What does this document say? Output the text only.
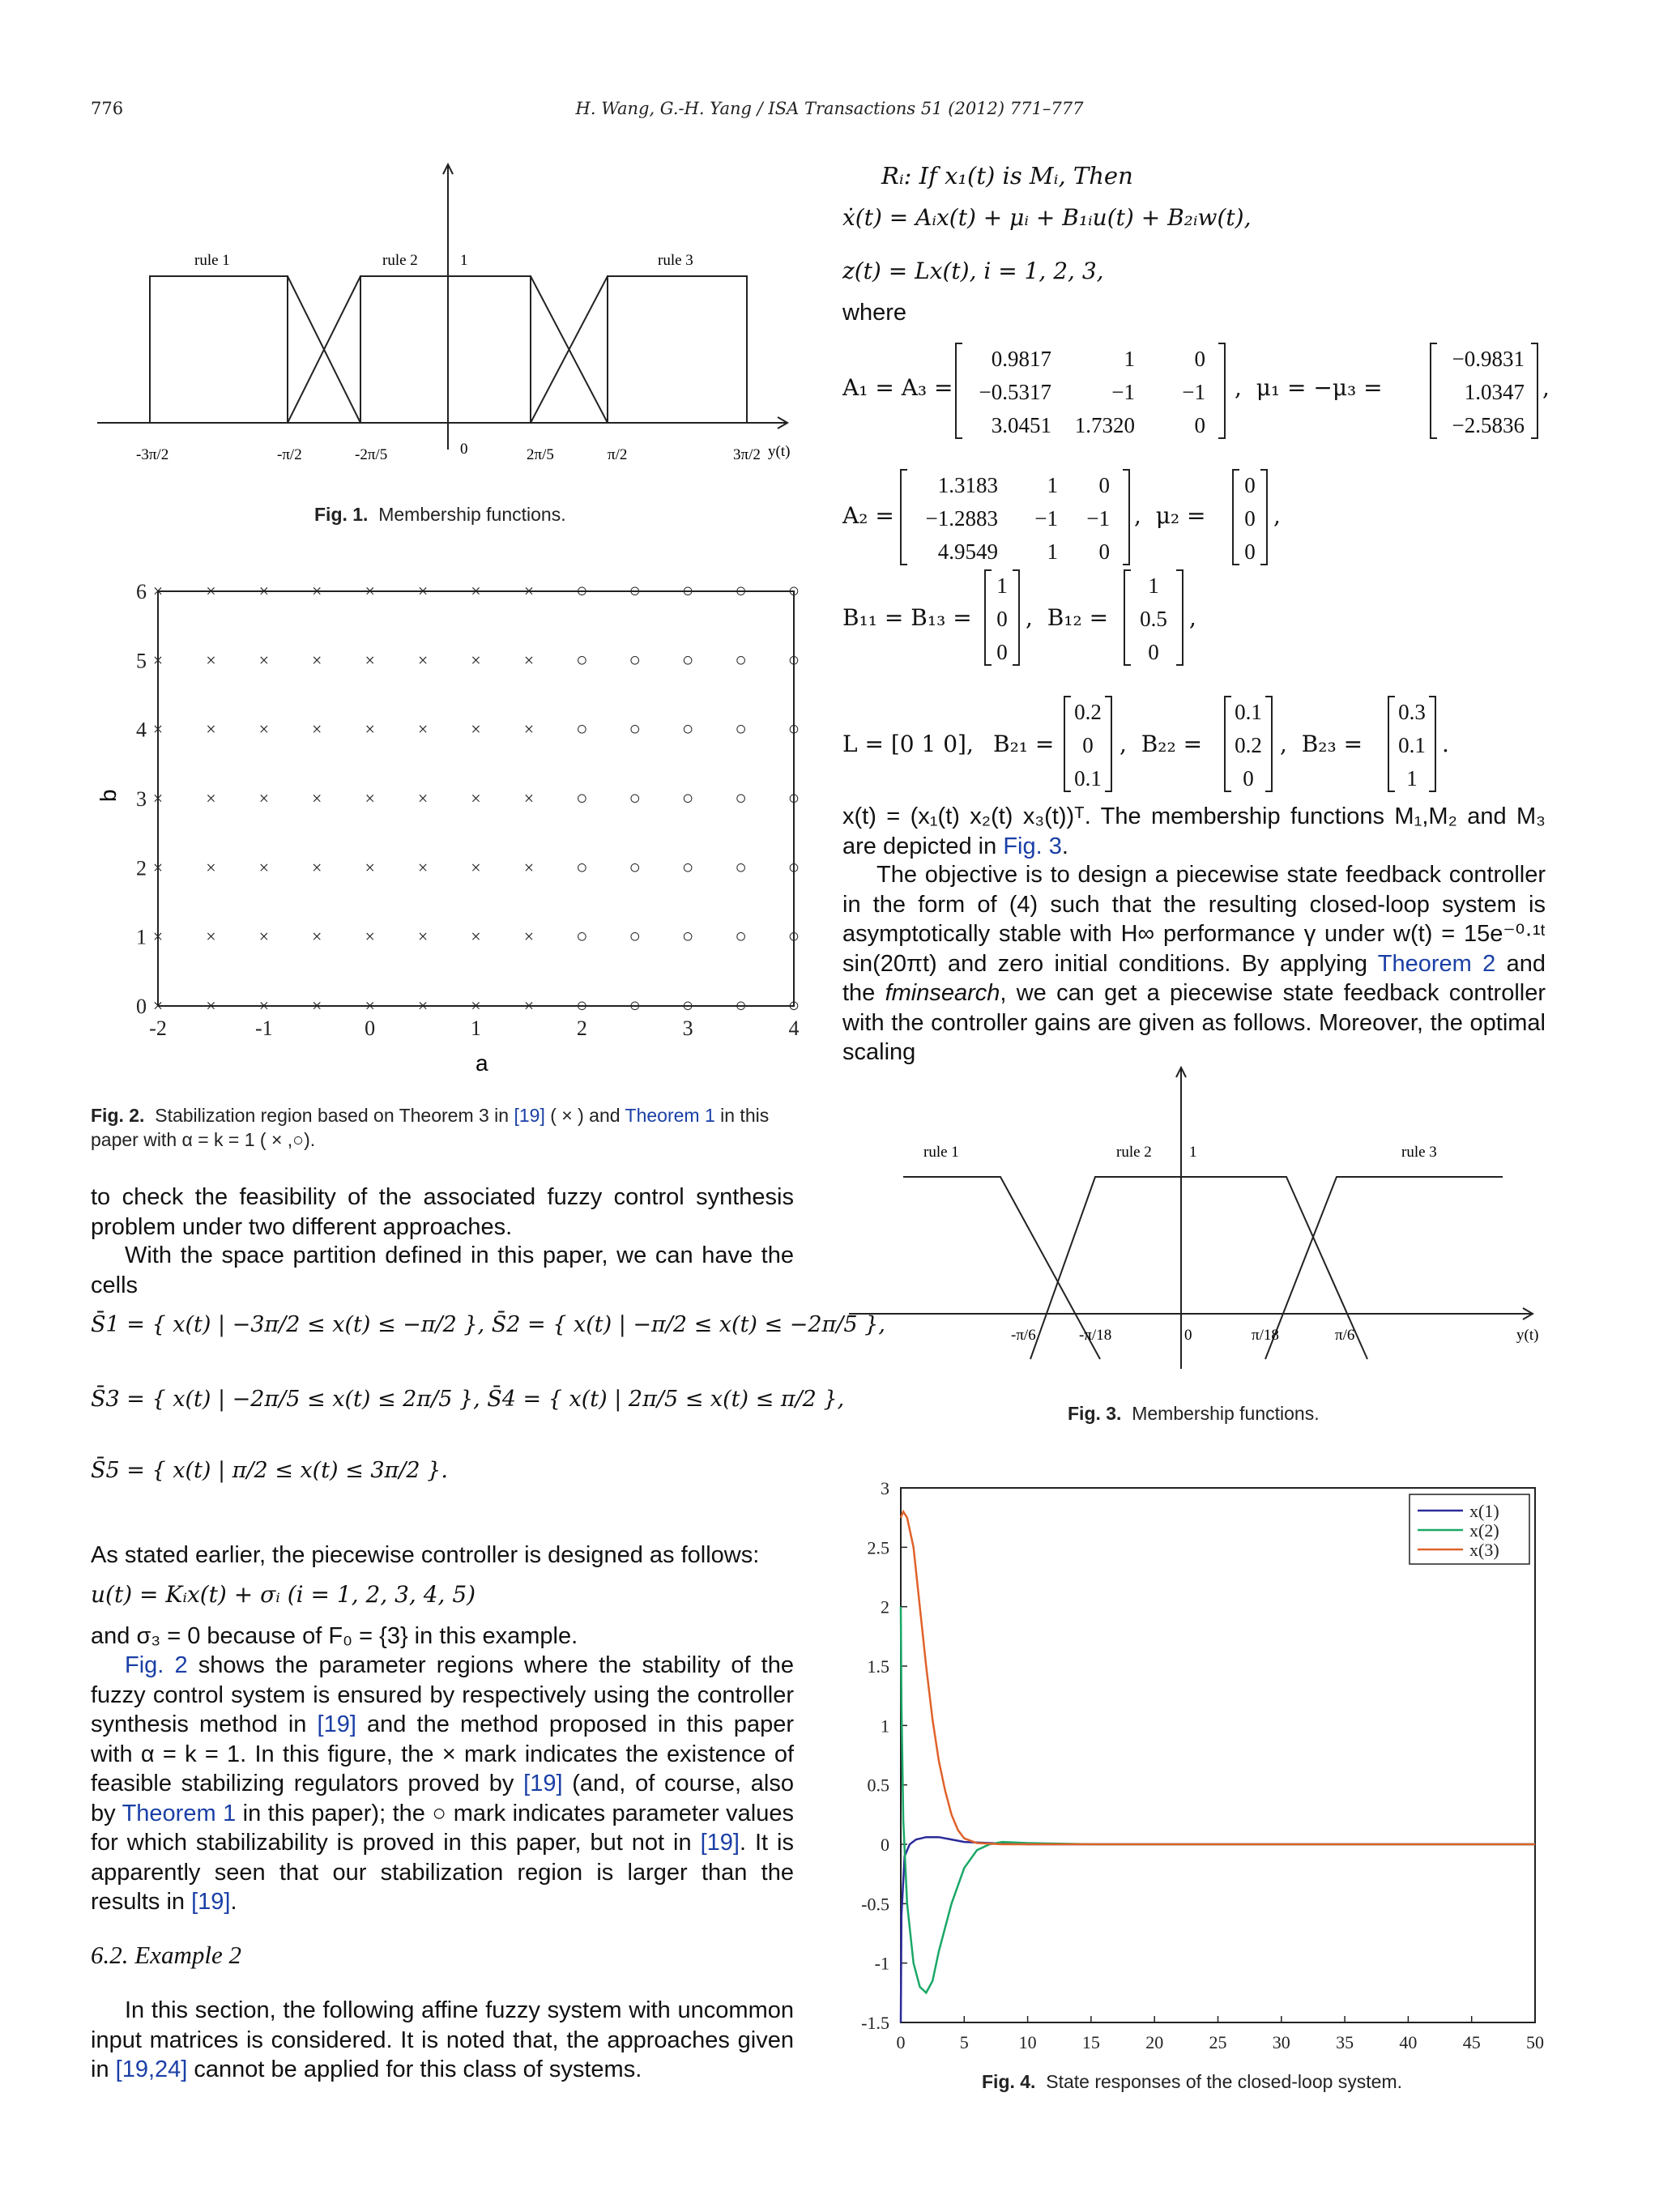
776	H. Wang, G.-H. Yang / ISA Transactions 51 (2012) 771–777
rule 1	rule 2	1	rule 3
-3π/2	-π/2	-2π/5	0	2π/5	π/2	3π/2 y(t)
Fig. 1. Membership functions.
×
×
×
×
×
×
×
×
×
×
×
×
×
×
×
×
×
×
×
×
×
×
×
×
×
×
×
×
×
×
×
×
×
×
×
×
×
×
×
×
×
×
×
×
×
×
×
×
×
×
×
×
×
×
×
×
○
○
○
○
○
○
○
○
○
○
○
○
○
○
○
○
○
○
○
○
○
○
○
○
○
○
○
○
○
○
○
○
○
○
○
-2	-1	0	1	2	3	4
0
1
2
3
4
5
6
a
b
Fig. 2. Stabilization region based on Theorem 3 in [19] ( × ) and Theorem 1 in this
paper with α = k = 1 ( × ,○).
to check the feasibility of the associated fuzzy control synthesis problem under two different approaches.
With the space partition defined in this paper, we can have the cells
S̄1 = { x(t) | −3π/2 ≤ x(t) ≤ −π/2 }, S̄2 = { x(t) | −π/2 ≤ x(t) ≤ −2π/5 },
S̄3 = { x(t) | −2π/5 ≤ x(t) ≤ 2π/5 }, S̄4 = { x(t) | 2π/5 ≤ x(t) ≤ π/2 },
S̄5 = { x(t) | π/2 ≤ x(t) ≤ 3π/2 }.
As stated earlier, the piecewise controller is designed as follows:
u(t) = Kᵢx(t) + σᵢ (i = 1, 2, 3, 4, 5)
and σ₃ = 0 because of F₀ = {3} in this example.
Fig. 2 shows the parameter regions where the stability of the fuzzy control system is ensured by respectively using the controller synthesis method in [19] and the method proposed in this paper with α = k = 1. In this figure, the × mark indicates the existence of feasible stabilizing regulators proved by [19] (and, of course, also by Theorem 1 in this paper); the ○ mark indicates parameter values for which stabilizability is proved in this paper, but not in [19]. It is apparently seen that our stabilization region is larger than the results in [19].
6.2. Example 2
In this section, the following affine fuzzy system with uncommon input matrices is considered. It is noted that, the approaches given in [19,24] cannot be applied for this class of systems.
Rᵢ: If x₁(t) is Mᵢ, Then
ẋ(t) = Aᵢx(t) + μᵢ + B₁ᵢu(t) + B₂ᵢw(t),
z(t) = Lx(t), i = 1, 2, 3,
where
A₁ = A₃ =
0.9817	1	0
−0.5317	−1 −1
3.0451 1.7320	0
,  μ₁ = −μ₃ =
−0.9831
1.0347
−2.5836
,
A₂ =
1.3183 1 0
−1.2883 −1 −1
4.9549 1 0
,  μ₂ =
0
0
0
,
B₁₁ = B₁₃ =
1
0
0
,  B₁₂ =
1
0.5
0
,
L = [0 1 0], B₂₁ =
0.2
0
0.1
,  B₂₂ =
0.1
0.2
0
,  B₂₃ =
0.3
0.1
1
.
x(t) = (x₁(t) x₂(t) x₃(t))ᵀ. The membership functions M₁,M₂ and M₃ are depicted in Fig. 3.
The objective is to design a piecewise state feedback controller in the form of (4) such that the resulting closed-loop system is asymptotically stable with H∞ performance γ under w(t) = 15e⁻⁰·¹ᵗ sin(20πt) and zero initial conditions. By applying Theorem 2 and the fminsearch, we can get a piecewise state feedback controller with the controller gains are given as follows. Moreover, the optimal scaling
rule 1	rule 2 1	rule 3
-π/6	-π/18	0	π/18	π/6	y(t)
Fig. 3. Membership functions.
0	5	10	15	20	25	30	35	40	45	50
3
2.5
2
1.5
1
0.5
0
-0.5
-1
-1.5
x(1)
x(2)
x(3)
Fig. 4. State responses of the closed-loop system.
